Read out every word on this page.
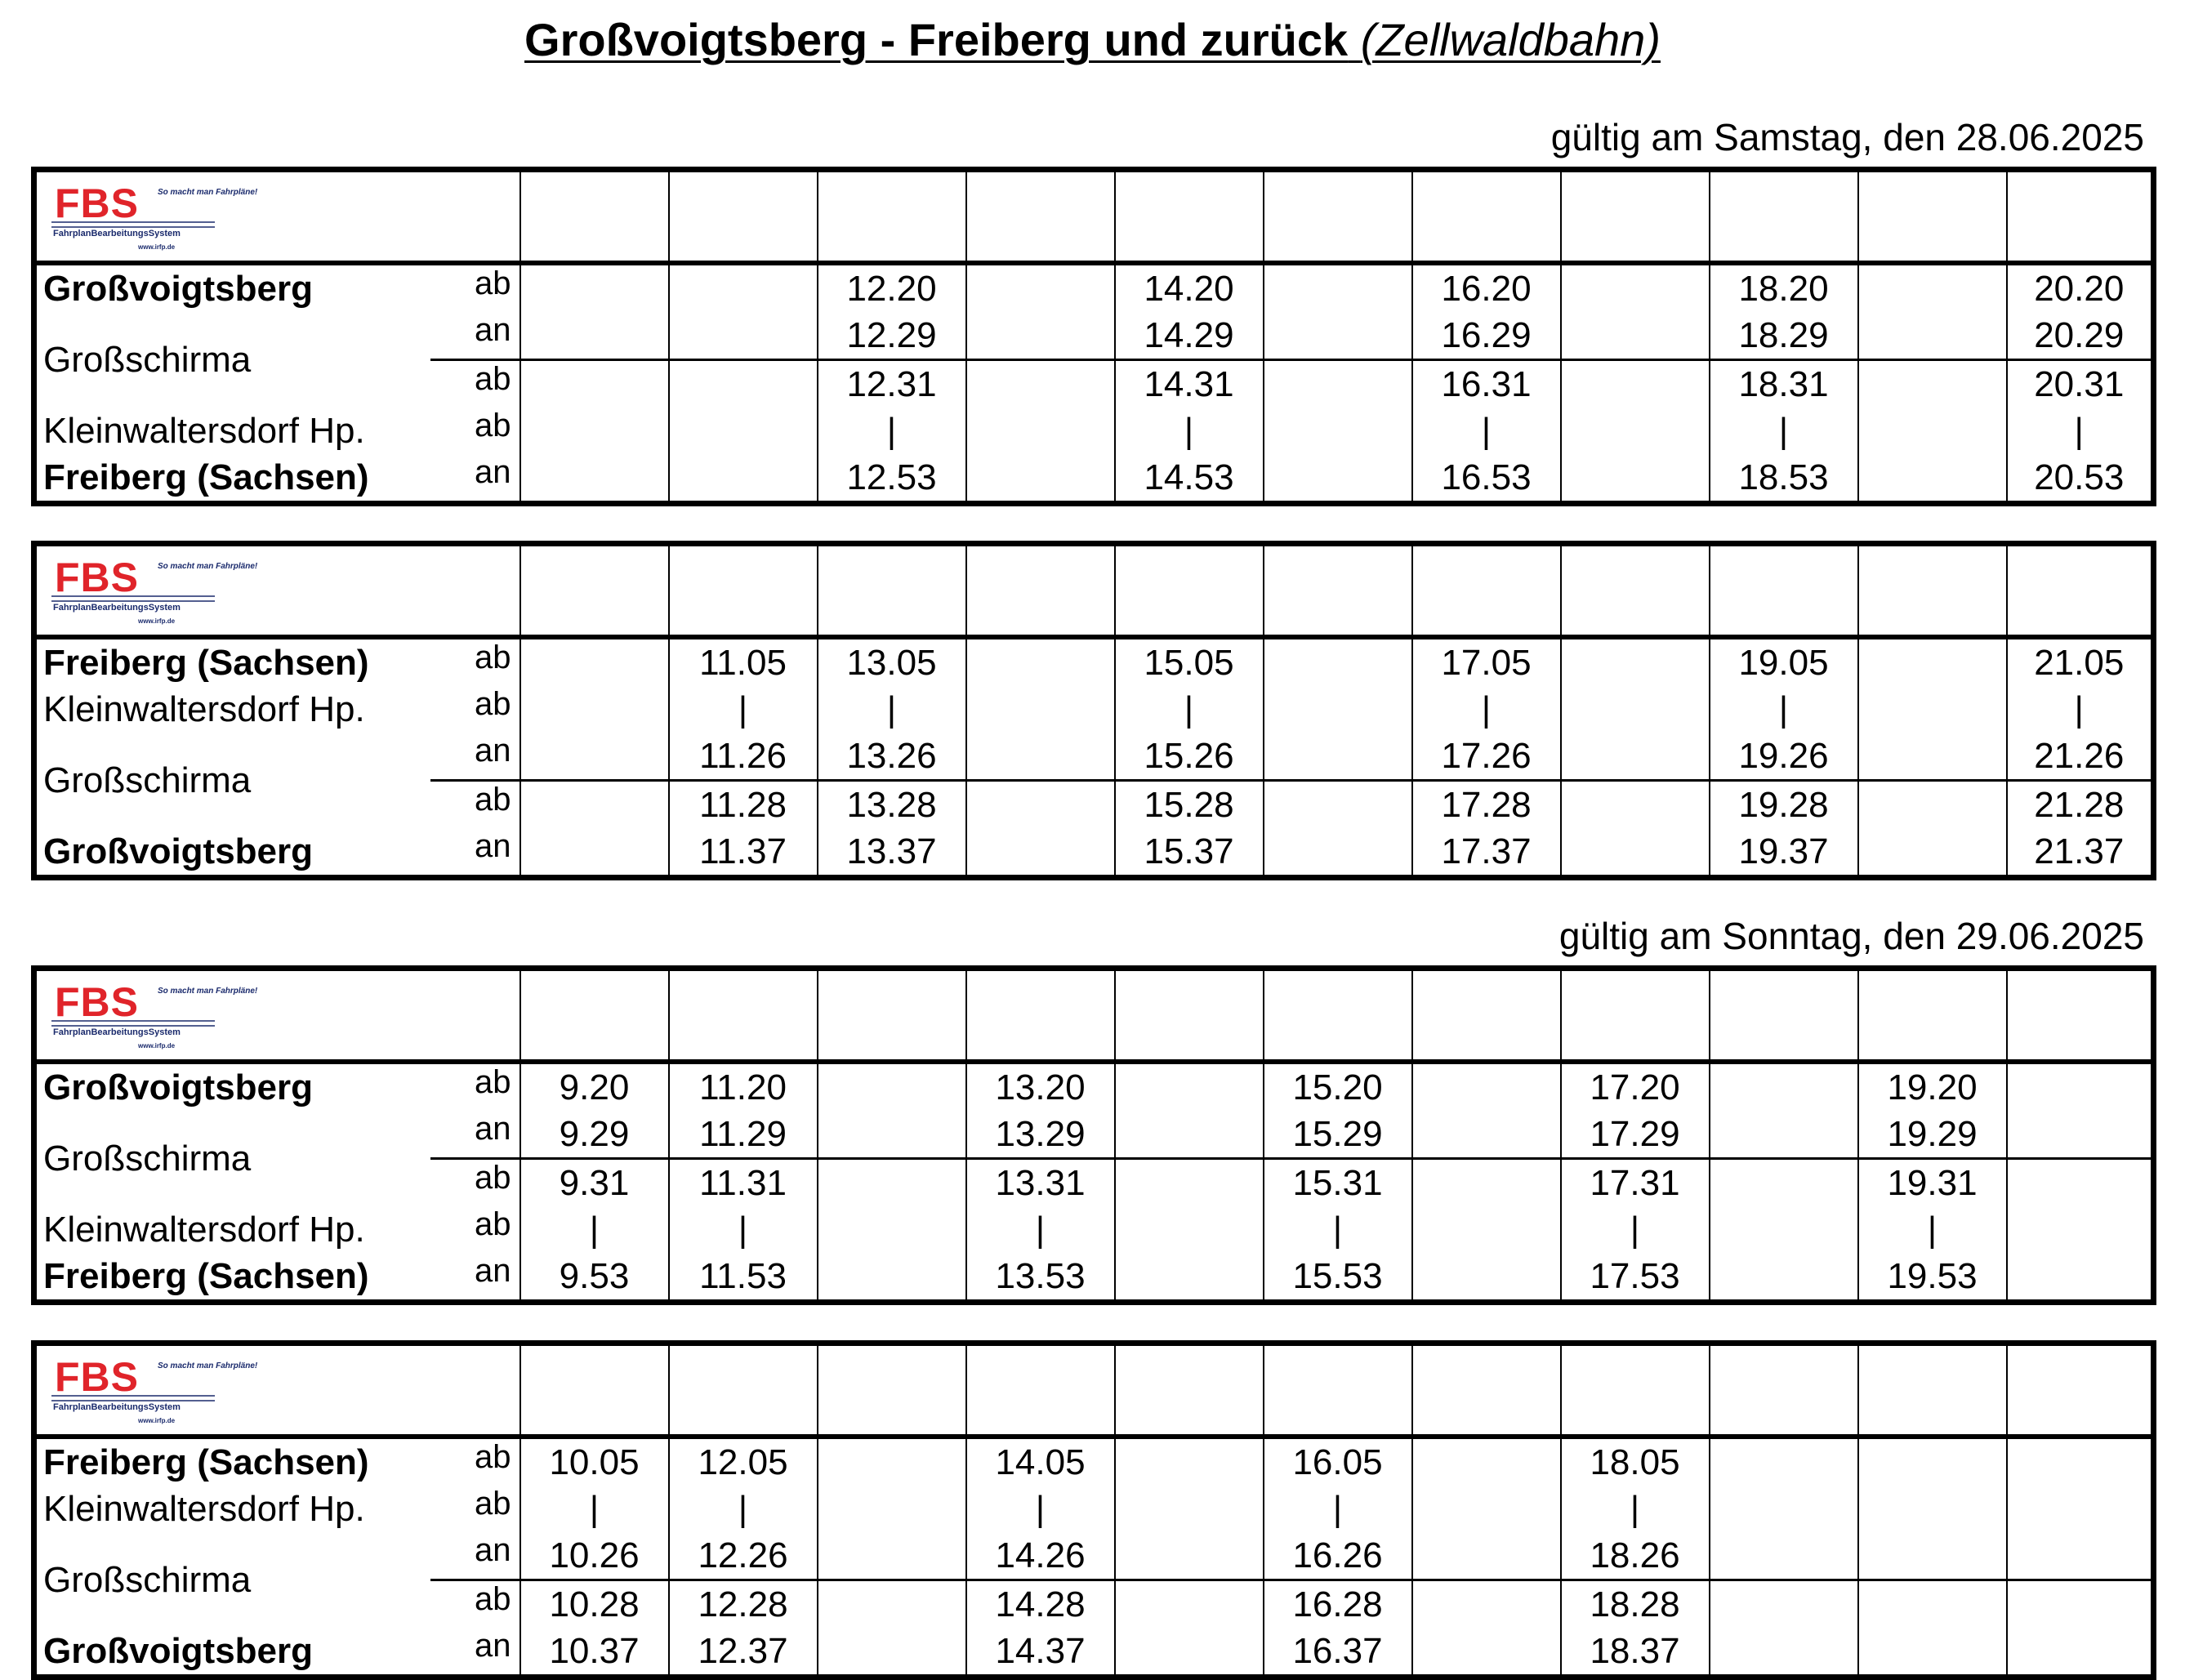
Großvoigtsberg - Freiberg und zurück (Zellwaldbahn)
gültig am Samstag, den 28.06.2025
gültig am Sonntag, den 29.06.2025
FBS So macht man Fahrpläne!
FahrplanBearbeitungsSystem
www.irfp.de												

Großvoigtsberg	ab			12.20		14.20		16.20		18.20		20.20
Großschirma	an			12.29		14.29		16.29		18.29		20.29
	ab			12.31		14.31		16.31		18.31		20.31
Kleinwaltersdorf Hp.	ab			|		|		|		|		|
Freiberg (Sachsen)	an			12.53		14.53		16.53		18.53		20.53
FBS So macht man Fahrpläne!
FahrplanBearbeitungsSystem
www.irfp.de												

Freiberg (Sachsen)	ab		11.05	13.05		15.05		17.05		19.05		21.05
Kleinwaltersdorf Hp.	ab		|	|		|		|		|		|
Großschirma	an		11.26	13.26		15.26		17.26		19.26		21.26
	ab		11.28	13.28		15.28		17.28		19.28		21.28
Großvoigtsberg	an		11.37	13.37		15.37		17.37		19.37		21.37
FBS So macht man Fahrpläne!
FahrplanBearbeitungsSystem
www.irfp.de												

Großvoigtsberg	ab	9.20	11.20		13.20		15.20		17.20		19.20	
Großschirma	an	9.29	11.29		13.29		15.29		17.29		19.29	
	ab	9.31	11.31		13.31		15.31		17.31		19.31	
Kleinwaltersdorf Hp.	ab	|	|		|		|		|		|	
Freiberg (Sachsen)	an	9.53	11.53		13.53		15.53		17.53		19.53	
FBS So macht man Fahrpläne!
FahrplanBearbeitungsSystem
www.irfp.de												

Freiberg (Sachsen)	ab	10.05	12.05		14.05		16.05		18.05			
Kleinwaltersdorf Hp.	ab	|	|		|		|		|			
Großschirma	an	10.26	12.26		14.26		16.26		18.26			
	ab	10.28	12.28		14.28		16.28		18.28			
Großvoigtsberg	an	10.37	12.37		14.37		16.37		18.37			
